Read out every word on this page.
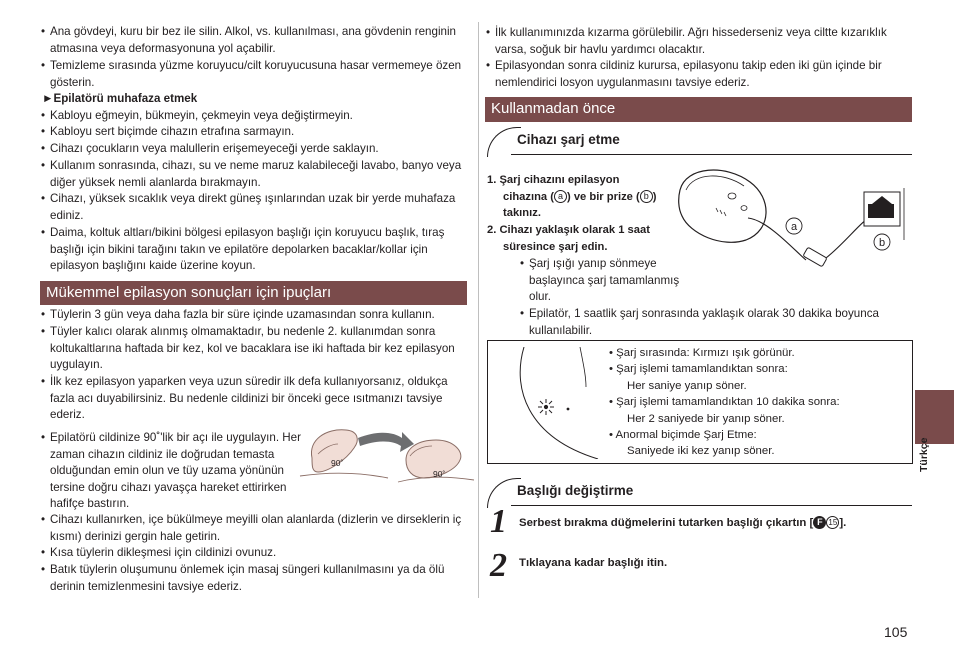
• Ana gövdeyi, kuru bir bez ile silin. Alkol, vs. kullanılması, ana gövdenin renginin atmasına veya deformasyonuna yol açabilir.
• Temizleme sırasında yüzme koruyucu/cilt koruyucusuna hasar vermemeye özen gösterin.
►Epilatörü muhafaza etmek
• Kabloyu eğmeyin, bükmeyin, çekmeyin veya değiştirmeyin.
• Kabloyu sert biçimde cihazın etrafına sarmayın.
• Cihazı çocukların veya malullerin erişemeyeceği yerde saklayın.
• Kullanım sonrasında, cihazı, su ve neme maruz kalabileceği lavabo, banyo veya diğer yüksek nemli alanlarda bırakmayın.
• Cihazı, yüksek sıcaklık veya direkt güneş ışınlarından uzak bir yerde muhafaza ediniz.
• Daima, koltuk altları/bikini bölgesi epilasyon başlığı için koruyucu başlık, tıraş başlığı için bikini tarağını takın ve epilatöre depolarken bacaklar/kollar için epilasyon başlığını kaide üzerine koyun.
Mükemmel epilasyon sonuçları için ipuçları
• Tüylerin 3 gün veya daha fazla bir süre içinde uzamasından sonra kullanın.
• Tüyler kalıcı olarak alınmış olmamaktadır, bu nedenle 2. kullanımdan sonra koltukaltlarına haftada bir kez, kol ve bacaklara ise iki haftada bir kez epilasyon uygulayın.
• İlk kez epilasyon yaparken veya uzun süredir ilk defa kullanıyorsanız, oldukça fazla acı duyabilirsiniz. Bu nedenle cildinizi bir önceki gece ısıtmanızı tavsiye ederiz.
• Epilatörü cildinize 90˚'lik bir açı ile uygulayın. Her zaman cihazın cildiniz ile doğrudan temasta olduğundan emin olun ve tüy uzama yönünün tersine doğru cihazı yavaşça hareket ettirirken hafifçe bastırın.
90˚
90˚
• Cihazı kullanırken, içe bükülmeye meyilli olan alanlarda (dizlerin ve dirseklerin iç kısmı) derinizi gergin hale getirin.
• Kısa tüylerin dikleşmesi için cildinizi ovunuz.
• Batık tüylerin oluşumunu önlemek için masaj süngeri kullanılmasını ya da ölü derinin temizlenmesini tavsiye ederiz.
• İlk kullanımınızda kızarma görülebilir. Ağrı hissederseniz veya ciltte kızarıklık varsa, soğuk bir havlu yardımcı olacaktır.
• Epilasyondan sonra cildiniz kurursa, epilasyonu takip eden iki gün içinde bir nemlendirici losyon uygulanmasını tavsiye ederiz.
Kullanmadan önce
Cihazı şarj etme
1. Şarj cihazını epilasyon
cihazına ( a ) ve bir prize ( b )
takınız.
2. Cihazı yaklaşık olarak 1 saat
süresince şarj edin.
• Şarj ışığı yanıp sönmeye başlayınca şarj tamamlanmış olur.
• Epilatör, 1 saatlik şarj sonrasında yaklaşık olarak 30 dakika boyunca kullanılabilir.
a
b
• Şarj sırasında: Kırmızı ışık görünür.
• Şarj işlemi tamamlandıktan sonra:
Her saniye yanıp söner.
• Şarj işlemi tamamlandıktan 10 dakika sonra:
Her 2 saniyede bir yanıp söner.
• Anormal biçimde Şarj Etme:
Saniyede iki kez yanıp söner.
Başlığı değiştirme
1 Serbest bırakma düğmelerini tutarken başlığı çıkartın [ F 15 ].
2 Tıklayana kadar başlığı itin.
Türkçe
105
